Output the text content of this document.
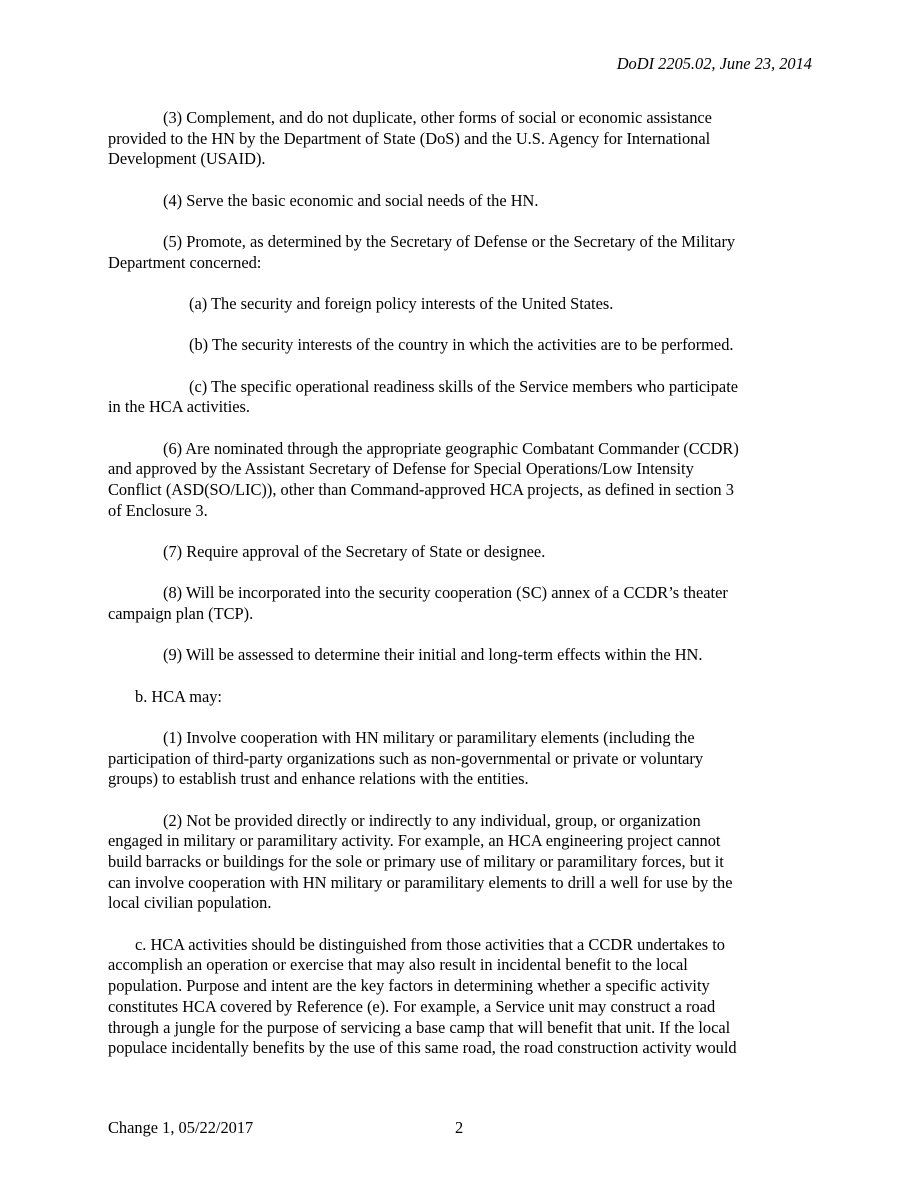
DoDI 2205.02, June 23, 2014

(3) Complement, and do not duplicate, other forms of social or economic assistance
provided to the HN by the Department of State (DoS) and the U.S. Agency for International
Development (USAID).

(4) Serve the basic economic and social needs of the HN.

(5) Promote, as determined by the Secretary of Defense or the Secretary of the Military
Department concerned:

(a) The security and foreign policy interests of the United States.

(b) The security interests of the country in which the activities are to be performed.

(c) The specific operational readiness skills of the Service members who participate
in the HCA activities.

(6) Are nominated through the appropriate geographic Combatant Commander (CCDR)
and approved by the Assistant Secretary of Defense for Special Operations/Low Intensity
Conflict (ASD(SO/LIC)), other than Command-approved HCA projects, as defined in section 3
of Enclosure 3.

(7) Require approval of the Secretary of State or designee.

(8) Will be incorporated into the security cooperation (SC) annex of a CCDR’s theater
campaign plan (TCP).

(9) Will be assessed to determine their initial and long-term effects within the HN.

b. HCA may:

(1) Involve cooperation with HN military or paramilitary elements (including the
participation of third-party organizations such as non-governmental or private or voluntary
groups) to establish trust and enhance relations with the entities.

(2) Not be provided directly or indirectly to any individual, group, or organization
engaged in military or paramilitary activity. For example, an HCA engineering project cannot
build barracks or buildings for the sole or primary use of military or paramilitary forces, but it
can involve cooperation with HN military or paramilitary elements to drill a well for use by the
local civilian population.

c. HCA activities should be distinguished from those activities that a CCDR undertakes to
accomplish an operation or exercise that may also result in incidental benefit to the local
population. Purpose and intent are the key factors in determining whether a specific activity
constitutes HCA covered by Reference (e). For example, a Service unit may construct a road
through a jungle for the purpose of servicing a base camp that will benefit that unit. If the local
populace incidentally benefits by the use of this same road, the road construction activity would

Change 1, 05/22/2017	2
